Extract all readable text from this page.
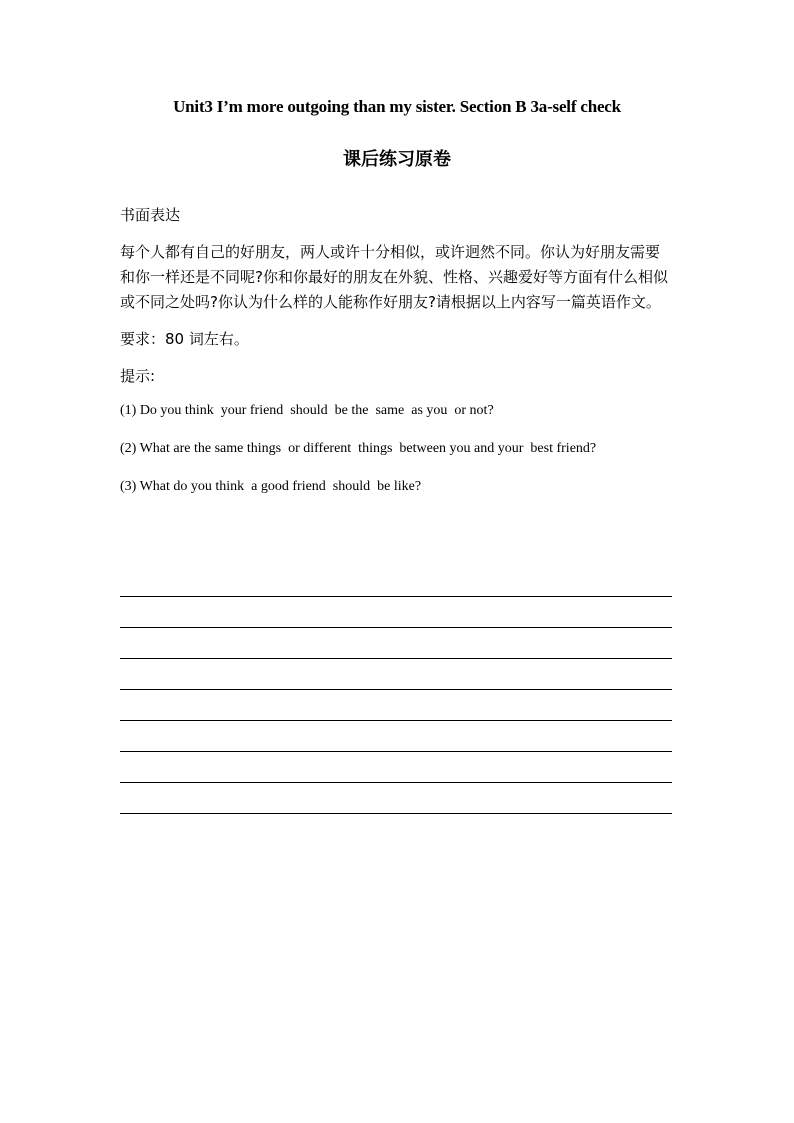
Unit3 I’m more outgoing than my sister. Section B 3a-self check
课后练习原卷

书面表达

每个人都有自己的好朋友，两人或许十分相似，或许迥然不同。你认为好朋友需要和你一样还是不同呢?你和你最好的朋友在外貌、性格、兴趣爱好等方面有什么相似或不同之处吗?你认为什么样的人能称作好朋友?请根据以上内容写一篇英语作文。

要求：80 词左右。

提示:

(1) Do you think  your friend  should  be the  same  as you  or not?

(2) What are the same things  or different  things  between you and your  best friend?

(3) What do you think  a good friend  should  be like?
